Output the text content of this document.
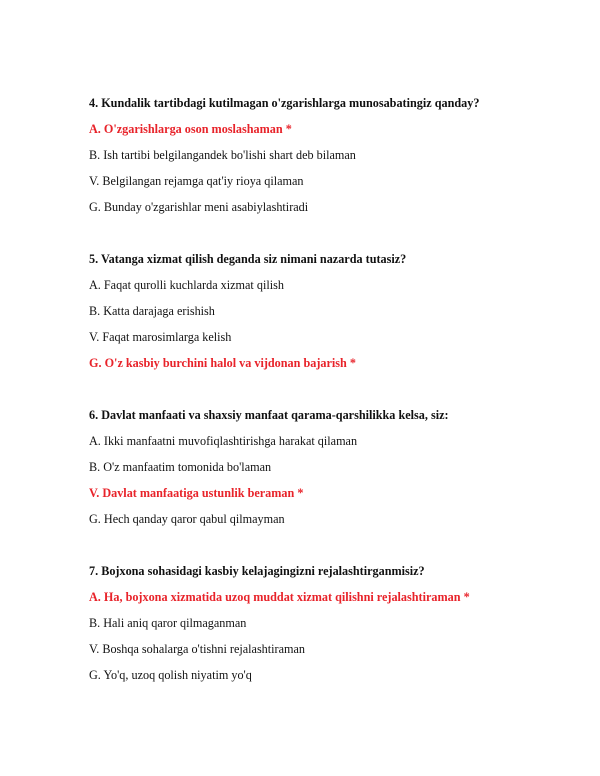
4. Kundalik tartibdagi kutilmagan o'zgarishlarga munosabatingiz qanday?

A. O'zgarishlarga oson moslashaman *

B. Ish tartibi belgilangandek bo'lishi shart deb bilaman

V. Belgilangan rejamga qat'iy rioya qilaman

G. Bunday o'zgarishlar meni asabiylashtiradi

5. Vatanga xizmat qilish deganda siz nimani nazarda tutasiz?

A. Faqat qurolli kuchlarda xizmat qilish

B. Katta darajaga erishish

V. Faqat marosimlarga kelish

G. O'z kasbiy burchini halol va vijdonan bajarish *

6. Davlat manfaati va shaxsiy manfaat qarama-qarshilikka kelsa, siz:

A. Ikki manfaatni muvofiqlashtirishga harakat qilaman

B. O'z manfaatim tomonida bo'laman

V. Davlat manfaatiga ustunlik beraman *

G. Hech qanday qaror qabul qilmayman

7. Bojxona sohasidagi kasbiy kelajagingizni rejalashtirganmisiz?

A. Ha, bojxona xizmatida uzoq muddat xizmat qilishni rejalashtiraman *

B. Hali aniq qaror qilmaganman

V. Boshqa sohalarga o'tishni rejalashtiraman

G. Yo'q, uzoq qolish niyatim yo'q
